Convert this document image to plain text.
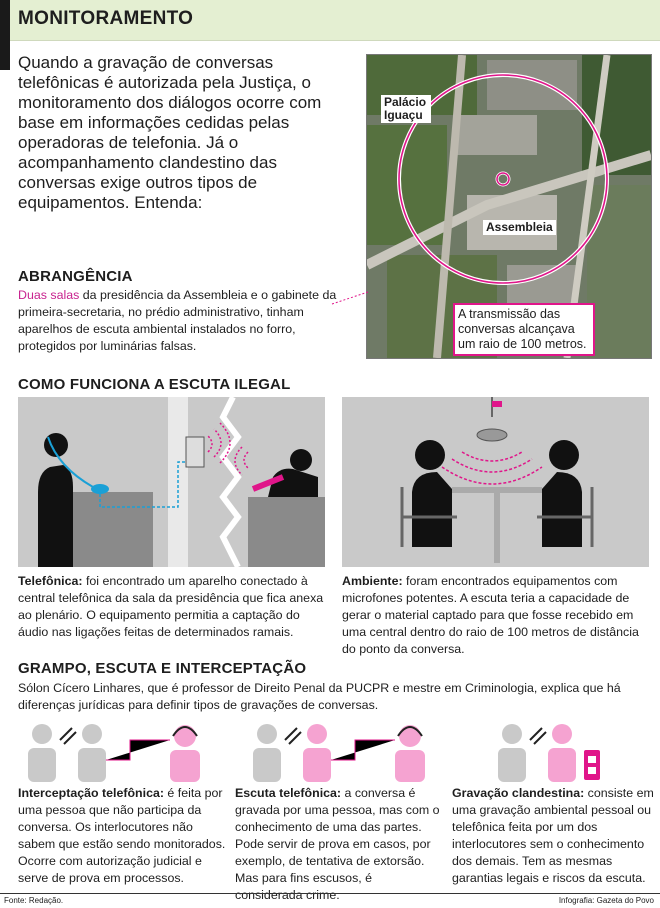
MONITORAMENTO
Quando a gravação de conversas telefônicas é autorizada pela Justiça, o monitoramento dos diálogos ocorre com base em informações cedidas pelas operadoras de telefonia. Já o acompanhamento clandestino das conversas exige outros tipos de equipamentos. Entenda:
Palácio Iguaçu
Assembleia
A transmissão das conversas alcançava um raio de 100 metros.
ABRANGÊNCIA
Duas salas da presidência da Assembleia e o gabinete da primeira-secretaria, no prédio administrativo, tinham aparelhos de escuta ambiental instalados no forro, protegidos por luminárias falsas.
COMO FUNCIONA A ESCUTA ILEGAL
Telefônica: foi encontrado um aparelho conectado à central telefônica da sala da presidência que fica anexa ao plenário. O equipamento permitia a captação do áudio nas ligações feitas de determinados ramais.
Ambiente: foram encontrados equipamentos com microfones potentes. A escuta teria a capacidade de gerar o material captado para que fosse recebido em uma central dentro do raio de 100 metros de distância do ponto da conversa.
GRAMPO, ESCUTA E INTERCEPTAÇÃO
Sólon Cícero Linhares, que é professor de Direito Penal da PUCPR e mestre em Criminologia, explica que há diferenças jurídicas para definir tipos de gravações de conversas.
Interceptação telefônica: é feita por uma pessoa que não participa da conversa. Os interlocutores não sabem que estão sendo monitorados. Ocorre com autorização judicial e serve de prova em processos.
Escuta telefônica: a conversa é gravada por uma pessoa, mas com o conhecimento de uma das partes. Pode servir de prova em casos, por exemplo, de tentativa de extorsão. Mas para fins escusos, é considerada crime.
Gravação clandestina: consiste em uma gravação ambiental pessoal ou telefônica feita por um dos interlocutores sem o conhecimento dos demais. Tem as mesmas garantias legais e riscos da escuta.
Fonte: Redação.	Infografia: Gazeta do Povo
